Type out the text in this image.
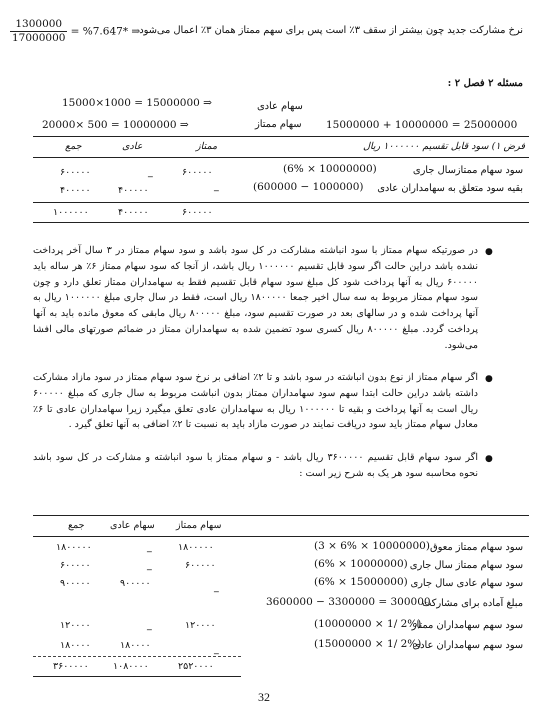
$\frac{1300000}{17000000} = \%7.647*$ ⇒ نرخ مشارکت جدید چون بیشتر از سقف ۳٪ است پس برای سهم ممتاز همان ۳٪ اعمال می‌شود
مسئله ۲ فصل ۲ :
15000×1000 = 15000000 ⇒	سهام عادی
20000× 500 = 10000000 ⇒	سهام ممتاز 15000000 + 10000000 = 25000000
فرض ۱) سود قابل تقسیم ۱۰۰۰۰۰۰ ریال
ممتاز
عادی
جمع
سود سهام ممتازسال جاری
(6% × 10000000)
۶۰۰۰۰۰
_
۶۰۰۰۰۰
بقیه سود متعلق به سهامداران عادی
(600000 − 1000000)
_
۴۰۰۰۰۰
۴۰۰۰۰۰
۶۰۰۰۰۰
۴۰۰۰۰۰
۱۰۰۰۰۰۰
●
در صورتیکه سهام ممتاز با سود انباشته مشارکت در کل سود باشد و سود سهام ممتاز در ۳ سال آخر پرداخت نشده باشد دراین حالت اگر سود قابل تقسیم ۱۰۰۰۰۰۰ ریال باشد، از آنجا که سود سهام ممتاز ۶٪ هر ساله باید ۶۰۰۰۰۰ ریال به آنها پرداخت شود کل مبلغ سود سهام قابل تقسیم فقط به سهامداران ممتاز تعلق دارد و چون سود سهام ممتاز مربوط به سه سال اخیر جمعا ۱۸۰۰۰۰۰ ریال است، فقط در سال جاری مبلغ ۱۰۰۰۰۰۰ ریال به آنها پرداخت شده و در سالهای بعد در صورت تقسیم سود، مبلغ ۸۰۰۰۰۰ ریال مابقی که معوق مانده باید به آنها پرداخت گردد. مبلغ ۸۰۰۰۰۰ ریال کسری سود تضمین شده به سهامداران ممتاز در ضمائم صورتهای مالی افشا می‌شود.
●
اگر سهام ممتاز از نوع بدون انباشته در سود باشد و تا ۲٪ اضافی بر نرخ سود سهام ممتاز در سود مازاد مشارکت داشته باشد دراین حالت ابتدا سهم سود سهامداران ممتاز بدون انباشت مربوط به سال جاری که مبلغ ۶۰۰۰۰۰ ریال است به آنها پرداخت و بقیه تا ۱۰۰۰۰۰۰ ریال به سهامداران عادی تعلق میگیرد زیرا سهامداران عادی تا ۶٪ معادل سهام ممتاز باید سود دریافت نمایند در صورت مازاد باید به نسبت تا ۲٪ اضافی به آنها تعلق گیرد .
●
اگر سود سهام قابل تقسیم ۳۶۰۰۰۰۰ ریال باشد - و سهام ممتاز با سود انباشته و مشارکت در کل سود باشد نحوه محاسبه سود هر یک به شرح زیر است :
سهام ممتاز
سهام عادی
جمع
سود سهام ممتاز معوق
(3 × 6% × 10000000)
۱۸۰۰۰۰۰
_
۱۸۰۰۰۰۰
سود سهام ممتاز سال جاری
(6% × 10000000)
۶۰۰۰۰۰
_
۶۰۰۰۰۰
سود سهام عادی سال جاری
(6% × 15000000)
_
۹۰۰۰۰۰
۹۰۰۰۰۰
مبلغ آماده برای مشارکت
3600000 − 3300000 = 300000
سود سهم سهامداران ممتاز
(10000000 × 1/ 2%)
۱۲۰۰۰۰
_
۱۲۰۰۰۰
سود سهم سهامداران عادی
(15000000 × 1/ 2%)
_
۱۸۰۰۰۰
۱۸۰۰۰۰
۲۵۲۰۰۰۰
۱۰۸۰۰۰۰
۳۶۰۰۰۰۰
32
